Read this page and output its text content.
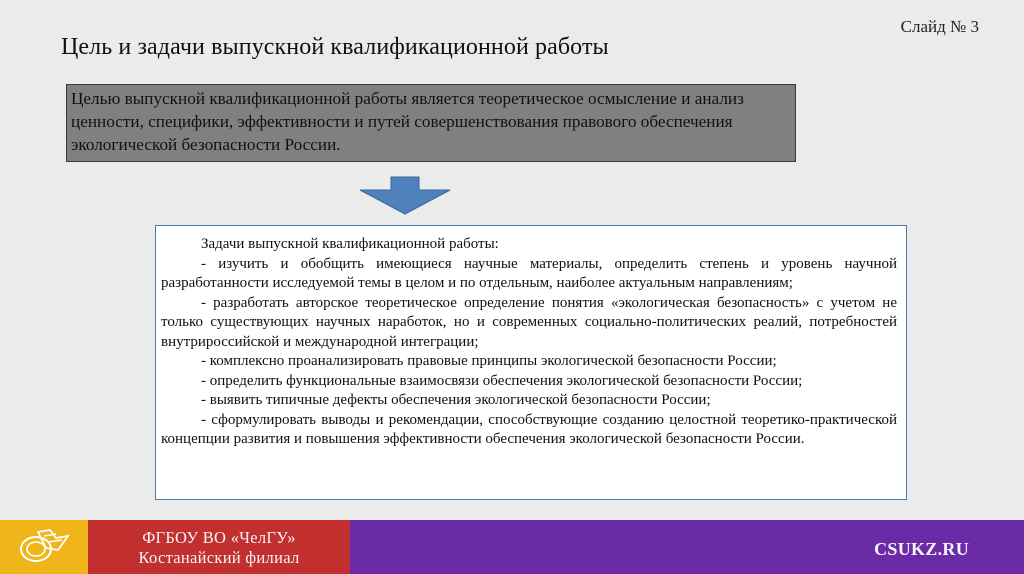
Слайд № 3
Цель и задачи выпускной квалификационной работы
Целью выпускной квалификационной работы является теоретическое осмысление и анализ ценности, специфики, эффективности и путей совершенствования правового обеспечения экологической безопасности России.

Задачи выпускной квалификационной работы:

- изучить и обобщить имеющиеся научные материалы, определить степень и уровень научной разработанности исследуемой темы в целом и по отдельным, наиболее актуальным направлениям;

- разработать авторское теоретическое определение понятия «экологическая безопасность» с учетом не только существующих научных наработок, но и современных социально-политических реалий, потребностей внутрироссийской и международной интеграции;

- комплексно проанализировать правовые принципы экологической безопасности России;

- определить функциональные взаимосвязи обеспечения экологической безопасности России;

- выявить типичные дефекты обеспечения экологической безопасности России;

- сформулировать выводы и рекомендации, способствующие созданию целостной теоретико-практической концепции развития и повышения эффективности обеспечения экологической безопасности России.

ФГБОУ ВО «ЧелГУ»
Костанайский филиал	CSUKZ.RU
